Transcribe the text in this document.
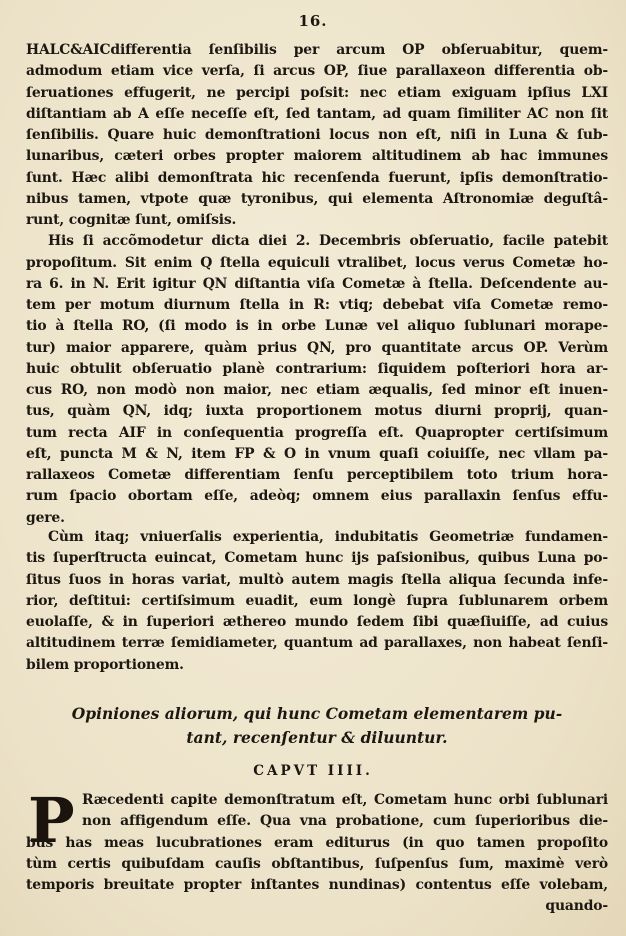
16.
HALC&AICdifferentia ſenſibilis per arcum OP obſeruabitur, quem-
admodum etiam vice verſa, ſi arcus OP, ſiue parallaxeon differentia ob-
ſeruationes effugerit, ne percipi poſsit: nec etiam exiguam ipſius LXI
diſtantiam ab A eſſe neceſſe eſt, ſed tantam, ad quam ſimiliter AC non ſit
ſenſibilis. Quare huic demonſtrationi locus non eſt, niſi in Luna & ſub-
lunaribus, cæteri orbes propter maiorem altitudinem ab hac immunes
ſunt. Hæc alibi demonſtrata hic recenſenda fuerunt, ipſis demonſtratio-
nibus tamen, vtpote quæ tyronibus, qui elementa Aſtronomiæ deguſtâ-
runt, cognitæ ſunt, omiſsis.
His ſi accõmodetur dicta diei 2. Decembris obſeruatio, facile patebit
propoſitum. Sit enim Q ſtella equiculi vtralibet, locus verus Cometæ ho-
ra 6. in N. Erit igitur QN diſtantia viſa Cometæ à ſtella. Deſcendente au-
tem per motum diurnum ſtella in R: vtiq; debebat viſa Cometæ remo-
tio à ſtella RO, (ſi modo is in orbe Lunæ vel aliquo ſublunari moraре-
tur) maior apparere, quàm prius QN, pro quantitate arcus OP. Verùm
huic obtulit obſeruatio planè contrarium: ſiquidem poſteriori hora ar-
cus RO, non modò non maior, nec etiam æqualis, ſed minor eſt inuen-
tus, quàm QN, idq; iuxta proportionem motus diurni proprij, quan-
tum recta AIF in conſequentia progreſſa eſt. Quapropter certiſsimum
eſt, puncta M & N, item FP & O in vnum quaſi coiuiſſe, nec vllam pa-
rallaxeos Cometæ differentiam ſenſu perceptibilem toto trium hora-
rum ſpacio obortam eſſe, adeòq; omnem eius parallaxin ſenſus effu-
gere.
Cùm itaq; vniuerſalis experientia, indubitatis Geometriæ fundamen-
tis ſuperſtructa euincat, Cometam hunc ijs paſsionibus, quibus Luna po-
ſitus ſuos in horas variat, multò autem magis ſtella aliqua ſecunda infe-
rior, deſtitui: certiſsimum euadit, eum longè ſupra ſublunarem orbem
euolaſſe, & in ſuperiori æthereo mundo ſedem ſibi quæſiuiſſe, ad cuius
altitudinem terræ ſemidiameter, quantum ad parallaxes, non habeat ſenſi-
bilem proportionem.
Opiniones aliorum, qui hunc Cometam elementarem pu-
tant, recenſentur & diluuntur.
CAPVT IIII.
P Ræcedenti capite demonſtratum eſt, Cometam hunc orbi ſublunari
non affigendum eſſe. Qua vna probatione, cum ſuperioribus die-
bus has meas lucubrationes eram editurus (in quo tamen propoſito
tùm certis quibuſdam cauſis obſtantibus, ſuſpenſus ſum, maximè verò
temporis breuitate propter inſtantes nundinas) contentus eſſe volebam,
quando-
